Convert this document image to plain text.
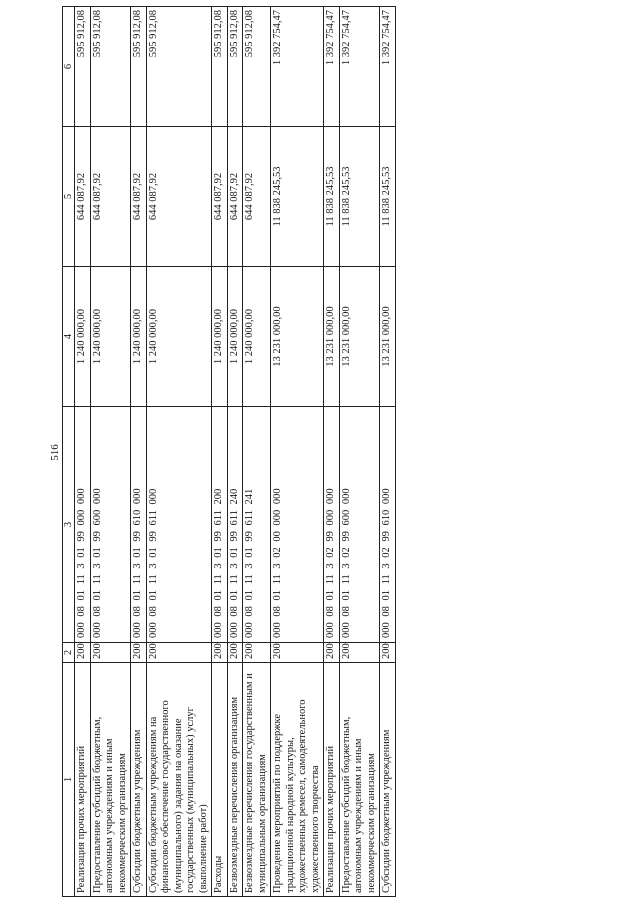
516
1	2	3	4	5	6
Реализация прочих мероприятий	200	000 08 01 11 3 01 99 000 000	1 240 000,00	644 087,92	595 912,08
Предоставление субсидий бюджетным, автономным учреждениям и иным некоммерческим организациям	200	000 08 01 11 3 01 99 600 000	1 240 000,00	644 087,92	595 912,08
Субсидии бюджетным учреждениям	200	000 08 01 11 3 01 99 610 000	1 240 000,00	644 087,92	595 912,08
Субсидии бюджетным учреждениям на финансовое обеспечение государственного (муниципального) задания на оказание государственных (муниципальных) услуг (выполнение работ)	200	000 08 01 11 3 01 99 611 000	1 240 000,00	644 087,92	595 912,08
Расходы	200	000 08 01 11 3 01 99 611 200	1 240 000,00	644 087,92	595 912,08
Безвозмездные перечисления организациям	200	000 08 01 11 3 01 99 611 240	1 240 000,00	644 087,92	595 912,08
Безвозмездные перечисления государственным и муниципальным организациям	200	000 08 01 11 3 01 99 611 241	1 240 000,00	644 087,92	595 912,08
Проведение мероприятий по поддержке традиционной народной культуры, художественных ремесел, самодеятельного художественного творчества	200	000 08 01 11 3 02 00 000 000	13 231 000,00	11 838 245,53	1 392 754,47
Реализация прочих мероприятий	200	000 08 01 11 3 02 99 000 000	13 231 000,00	11 838 245,53	1 392 754,47
Предоставление субсидий бюджетным, автономным учреждениям и иным некоммерческим организациям	200	000 08 01 11 3 02 99 600 000	13 231 000,00	11 838 245,53	1 392 754,47
Субсидии бюджетным учреждениям	200	000 08 01 11 3 02 99 610 000	13 231 000,00	11 838 245,53	1 392 754,47
